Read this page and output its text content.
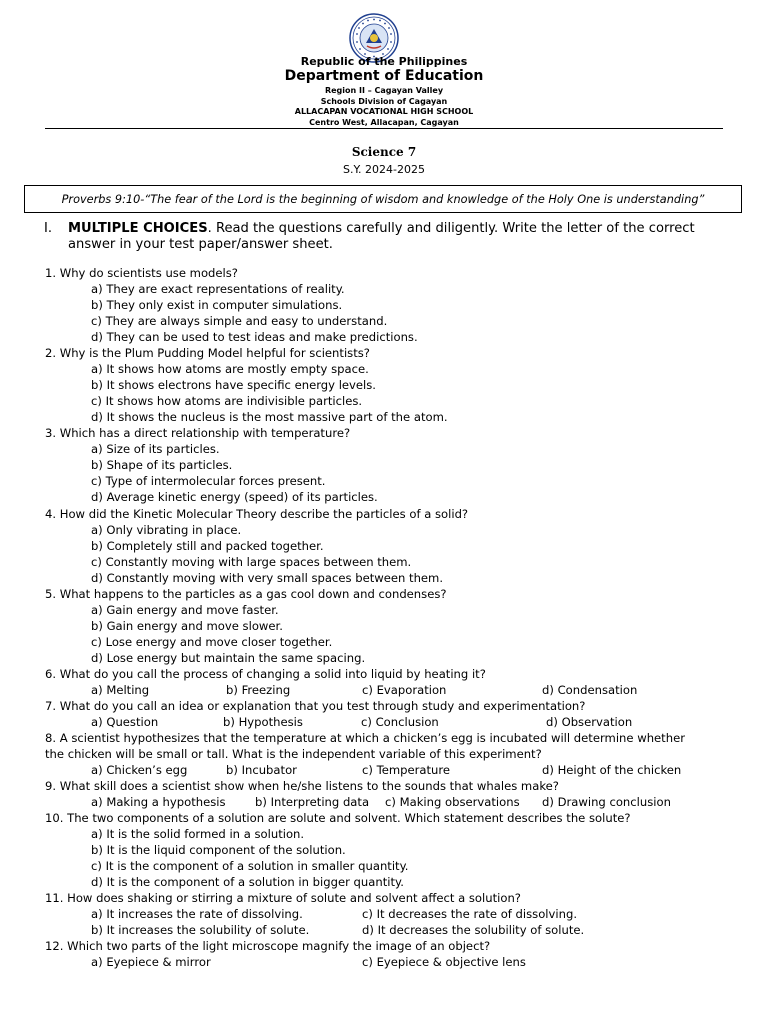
Republic of the Philippines
Department of Education
Region II – Cagayan Valley
Schools Division of Cagayan
ALLACAPAN VOCATIONAL HIGH SCHOOL
Centro West, Allacapan, Cagayan
Science 7
S.Y. 2024-2025
Proverbs 9:10-“The fear of the Lord is the beginning of wisdom and knowledge of the Holy One is understanding”
I. MULTIPLE CHOICES. Read the questions carefully and diligently. Write the letter of the correct answer in your test paper/answer sheet.
1. Why do scientists use models?
a) They are exact representations of reality.
b) They only exist in computer simulations.
c) They are always simple and easy to understand.
d) They can be used to test ideas and make predictions.
2. Why is the Plum Pudding Model helpful for scientists?
a) It shows how atoms are mostly empty space.
b) It shows electrons have specific energy levels.
c) It shows how atoms are indivisible particles.
d) It shows the nucleus is the most massive part of the atom.
3. Which has a direct relationship with temperature?
a) Size of its particles.
b) Shape of its particles.
c) Type of intermolecular forces present.
d) Average kinetic energy (speed) of its particles.
4. How did the Kinetic Molecular Theory describe the particles of a solid?
a) Only vibrating in place.
b) Completely still and packed together.
c) Constantly moving with large spaces between them.
d) Constantly moving with very small spaces between them.
5. What happens to the particles as a gas cool down and condenses?
a) Gain energy and move faster.
b) Gain energy and move slower.
c) Lose energy and move closer together.
d) Lose energy but maintain the same spacing.
6. What do you call the process of changing a solid into liquid by heating it?
a) Melting	b) Freezing	c) Evaporation	d) Condensation
7. What do you call an idea or explanation that you test through study and experimentation?
a) Question	b) Hypothesis	c) Conclusion	d) Observation
8. A scientist hypothesizes that the temperature at which a chicken’s egg is incubated will determine whether
the chicken will be small or tall. What is the independent variable of this experiment?
a) Chicken’s egg	b) Incubator	c) Temperature	d) Height of the chicken
9. What skill does a scientist show when he/she listens to the sounds that whales make?
a) Making a hypothesis	b) Interpreting data c) Making observations d) Drawing conclusion
10. The two components of a solution are solute and solvent. Which statement describes the solute?
a) It is the solid formed in a solution.
b) It is the liquid component of the solution.
c) It is the component of a solution in smaller quantity.
d) It is the component of a solution in bigger quantity.
11. How does shaking or stirring a mixture of solute and solvent affect a solution?
a) It increases the rate of dissolving.	c) It decreases the rate of dissolving.
b) It increases the solubility of solute.	d) It decreases the solubility of solute.
12. Which two parts of the light microscope magnify the image of an object?
a) Eyepiece & mirror	c) Eyepiece & objective lens
